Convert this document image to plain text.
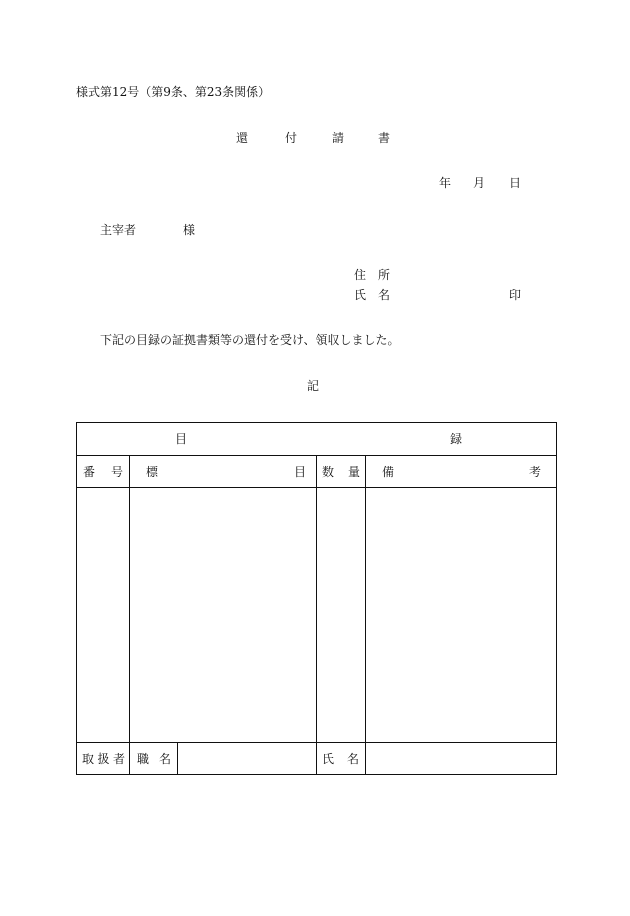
様式第12号（第9条、第23条関係）
還	付	請	書
年 月 日
主宰者	様
住 所
氏 名	印
下記の目録の証拠書類等の還付を受け、領収しました。
記
目 録				

番 号	標 目		数 量	備 考

取 扱 者	職 名		氏 名	
